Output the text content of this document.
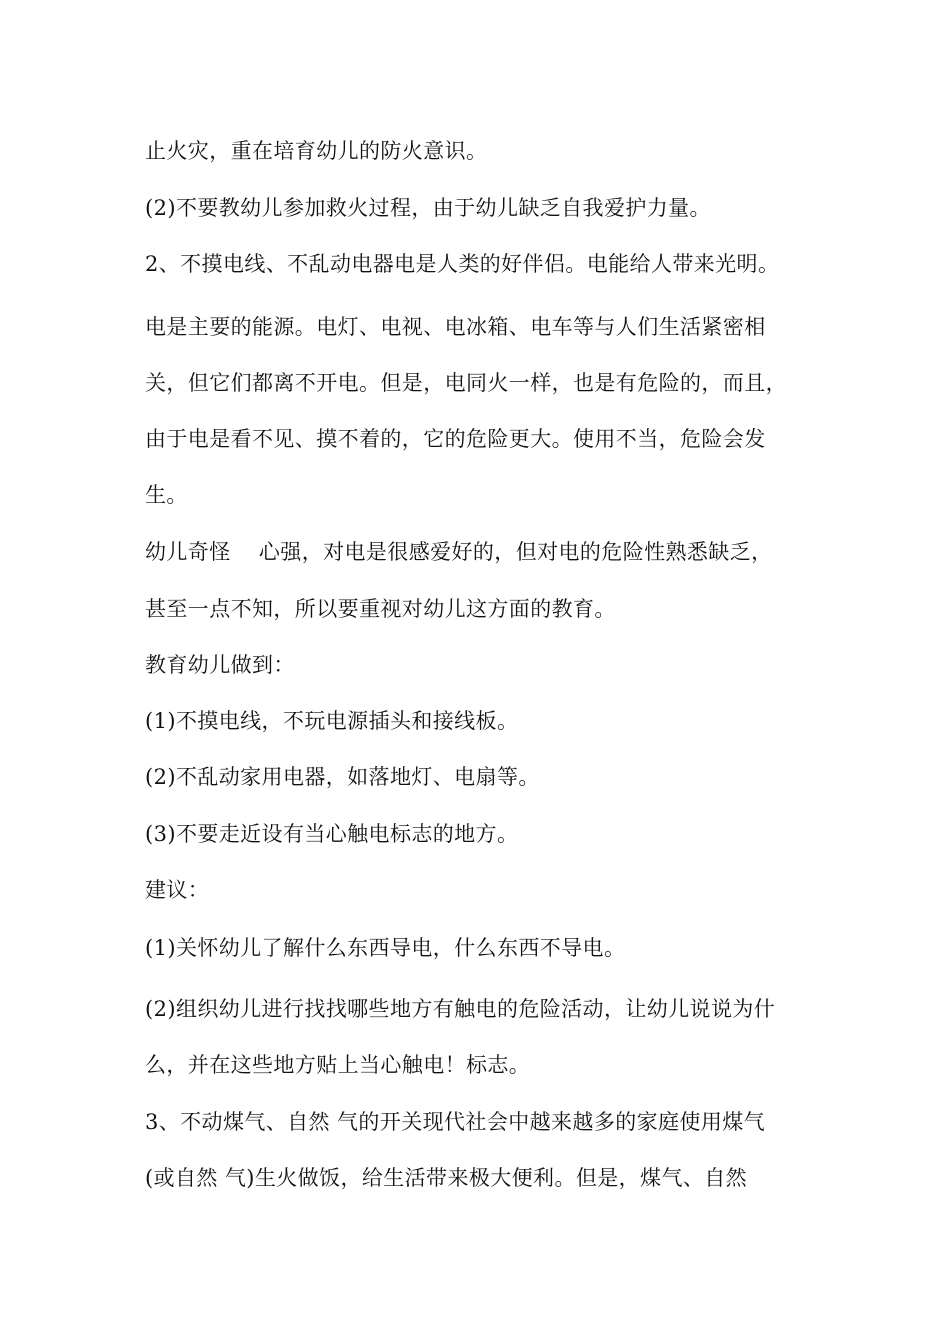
止火灾，重在培育幼儿的防火意识。
(2)不要教幼儿参加救火过程，由于幼儿缺乏自我爱护力量。
2、不摸电线、不乱动电器电是人类的好伴侣。电能给人带来光明。
电是主要的能源。电灯、电视、电冰箱、电车等与人们生活紧密相
关，但它们都离不开电。但是，电同火一样，也是有危险的，而且，
由于电是看不见、摸不着的，它的危险更大。使用不当，危险会发
生。
幼儿奇怪    心强，对电是很感爱好的，但对电的危险性熟悉缺乏，
甚至一点不知，所以要重视对幼儿这方面的教育。
教育幼儿做到：
(1)不摸电线，不玩电源插头和接线板。
(2)不乱动家用电器，如落地灯、电扇等。
(3)不要走近设有当心触电标志的地方。
建议：
(1)关怀幼儿了解什么东西导电，什么东西不导电。
(2)组织幼儿进行找找哪些地方有触电的危险活动，让幼儿说说为什
么，并在这些地方贴上当心触电！标志。
3、不动煤气、自然 气的开关现代社会中越来越多的家庭使用煤气
(或自然 气)生火做饭，给生活带来极大便利。但是，煤气、自然
